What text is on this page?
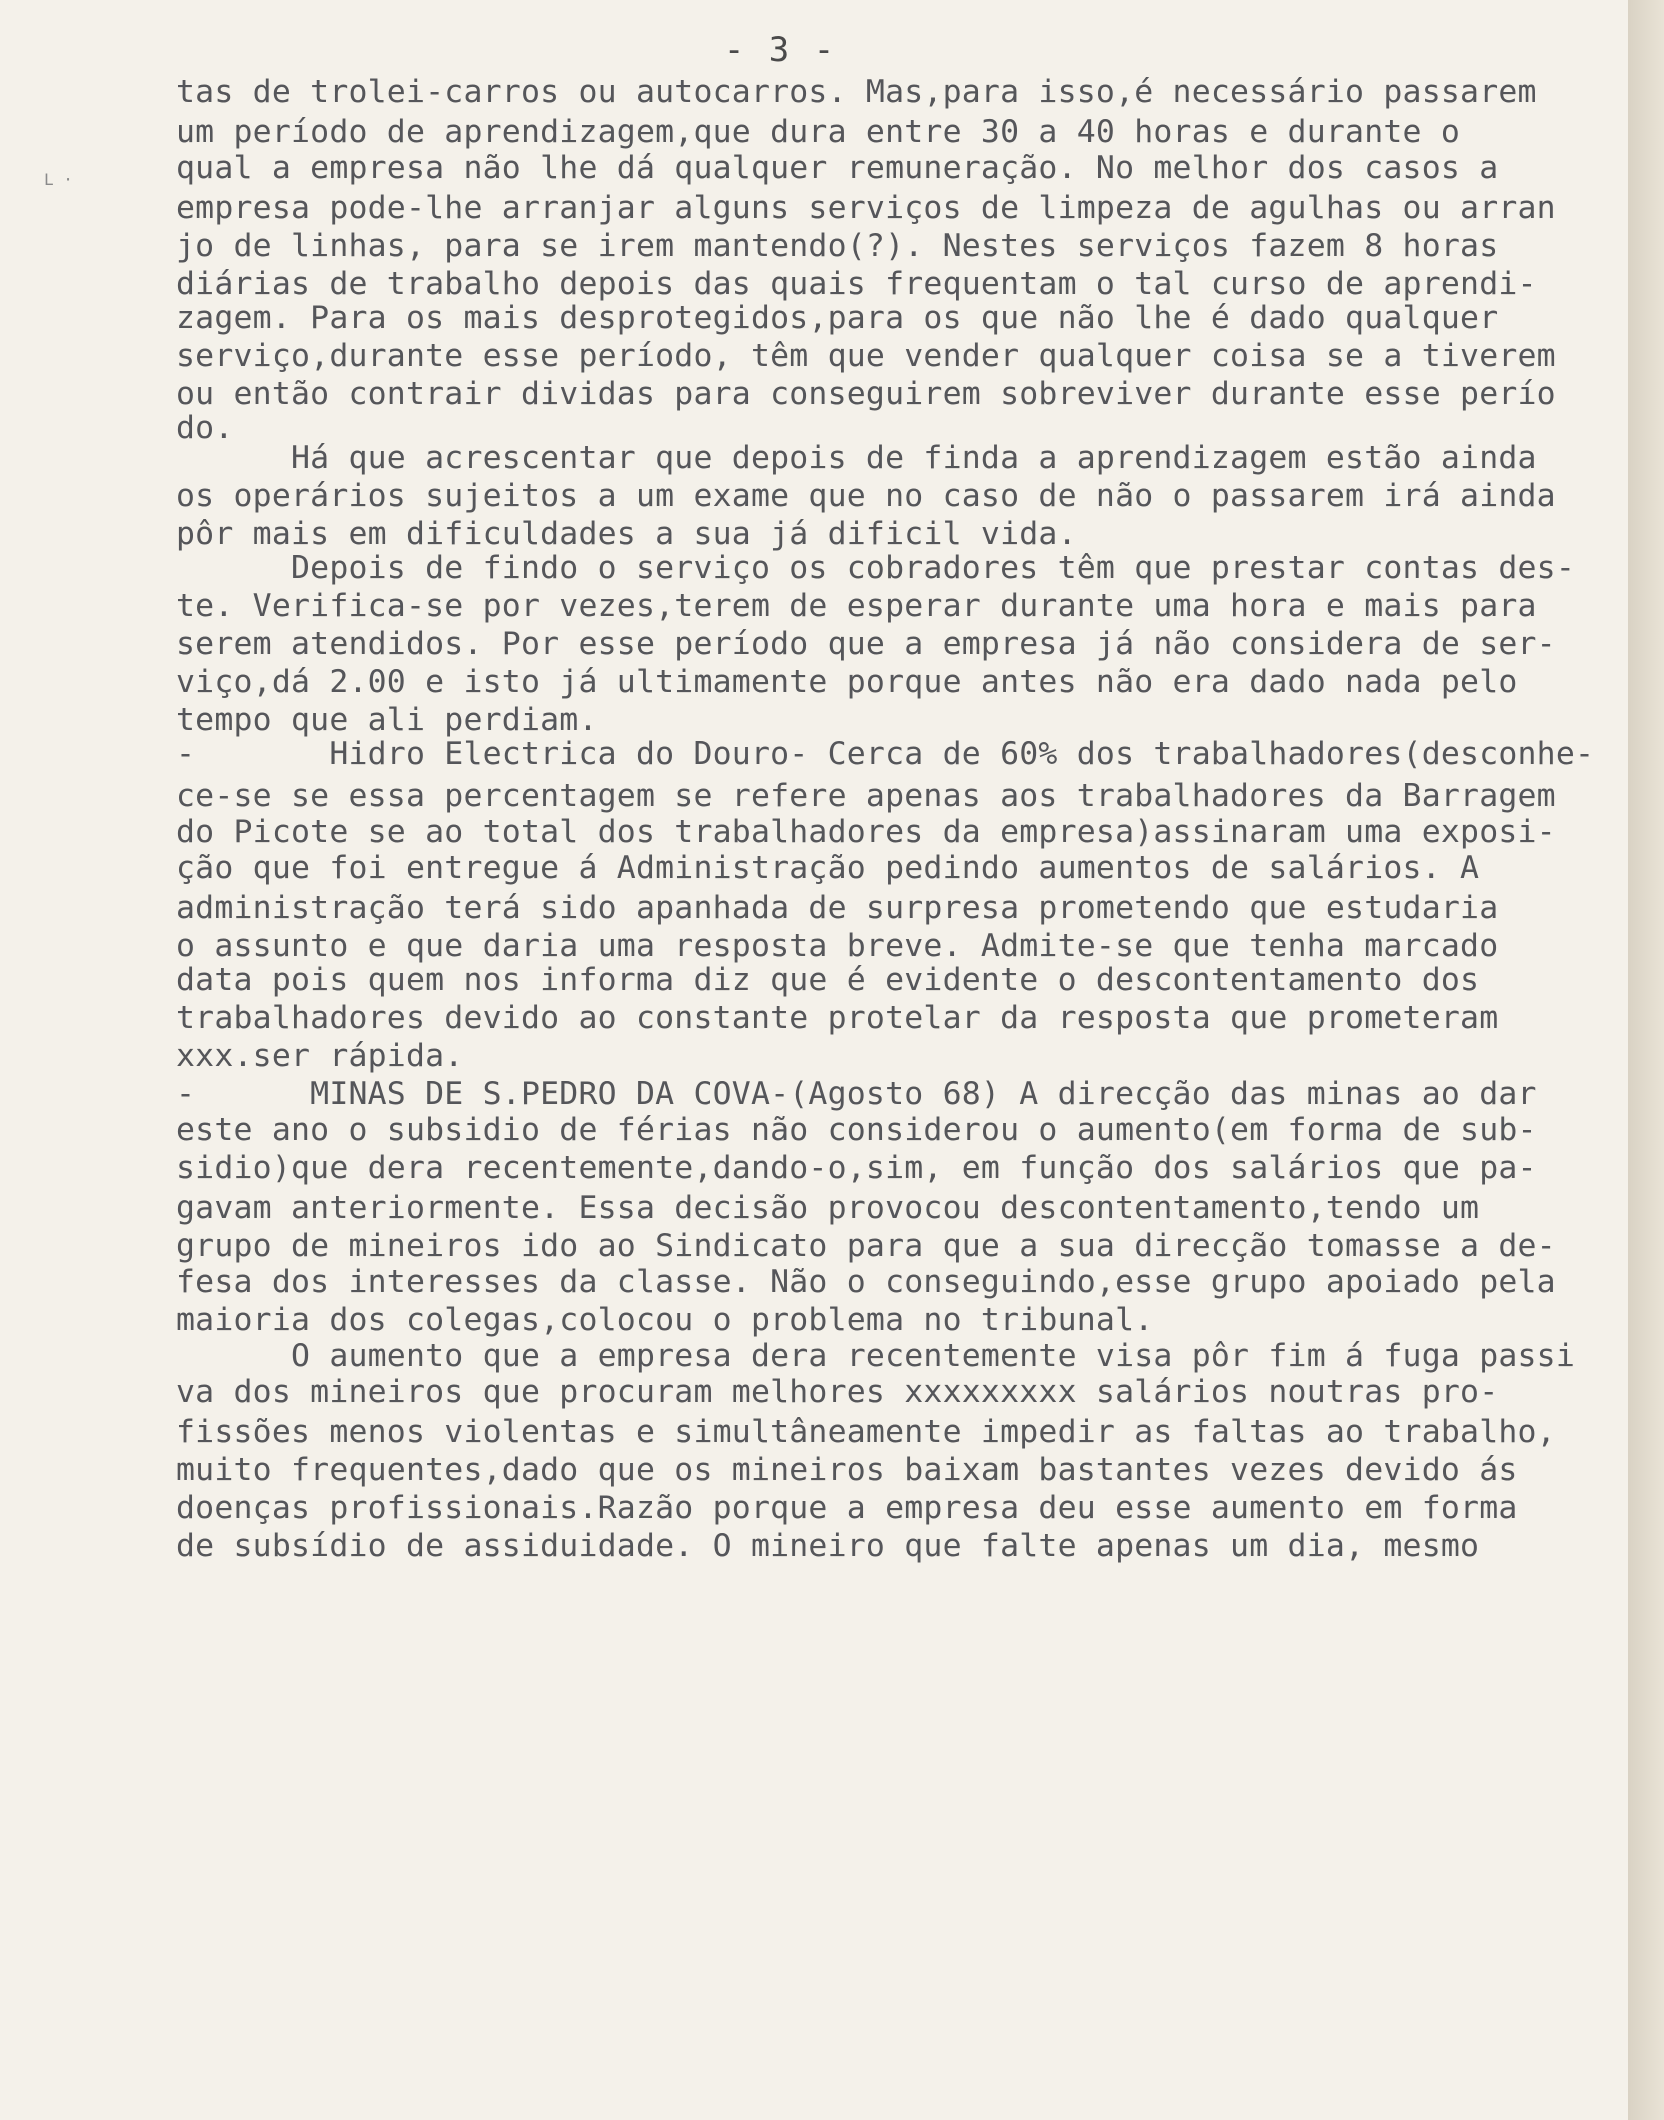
- 3 -
L ·
tas de trolei-carros ou autocarros. Mas,para isso,é necessário passarem
um período de aprendizagem,que dura entre 30 a 40 horas e durante o
qual a empresa não lhe dá qualquer remuneração. No melhor dos casos a
empresa pode-lhe arranjar alguns serviços de limpeza de agulhas ou arran
jo de linhas, para se irem mantendo(?). Nestes serviços fazem 8 horas
diárias de trabalho depois das quais frequentam o tal curso de aprendi-
zagem. Para os mais desprotegidos,para os que não lhe é dado qualquer
serviço,durante esse período, têm que vender qualquer coisa se a tiverem
ou então contrair dividas para conseguirem sobreviver durante esse perío
do.
Há que acrescentar que depois de finda a aprendizagem estão ainda
os operários sujeitos a um exame que no caso de não o passarem irá ainda
pôr mais em dificuldades a sua já dificil vida.
Depois de findo o serviço os cobradores têm que prestar contas des-
te. Verifica-se por vezes,terem de esperar durante uma hora e mais para
serem atendidos. Por esse período que a empresa já não considera de ser-
viço,dá 2.00 e isto já ultimamente porque antes não era dado nada pelo
tempo que ali perdiam.
-       Hidro Electrica do Douro- Cerca de 60% dos trabalhadores(desconhe-
ce-se se essa percentagem se refere apenas aos trabalhadores da Barragem
do Picote se ao total dos trabalhadores da empresa)assinaram uma exposi-
ção que foi entregue á Administração pedindo aumentos de salários. A
administração terá sido apanhada de surpresa prometendo que estudaria
o assunto e que daria uma resposta breve. Admite-se que tenha marcado
data pois quem nos informa diz que é evidente o descontentamento dos
trabalhadores devido ao constante protelar da resposta que prometeram
xxx.ser rápida.
-      MINAS DE S.PEDRO DA COVA-(Agosto 68) A direcção das minas ao dar
este ano o subsidio de férias não considerou o aumento(em forma de sub-
sidio)que dera recentemente,dando-o,sim, em função dos salários que pa-
gavam anteriormente. Essa decisão provocou descontentamento,tendo um
grupo de mineiros ido ao Sindicato para que a sua direcção tomasse a de-
fesa dos interesses da classe. Não o conseguindo,esse grupo apoiado pela
maioria dos colegas,colocou o problema no tribunal.
O aumento que a empresa dera recentemente visa pôr fim á fuga passi
va dos mineiros que procuram melhores xxxxxxxxx salários noutras pro-
fissões menos violentas e simultâneamente impedir as faltas ao trabalho,
muito frequentes,dado que os mineiros baixam bastantes vezes devido ás
doenças profissionais.Razão porque a empresa deu esse aumento em forma
de subsídio de assiduidade. O mineiro que falte apenas um dia, mesmo
